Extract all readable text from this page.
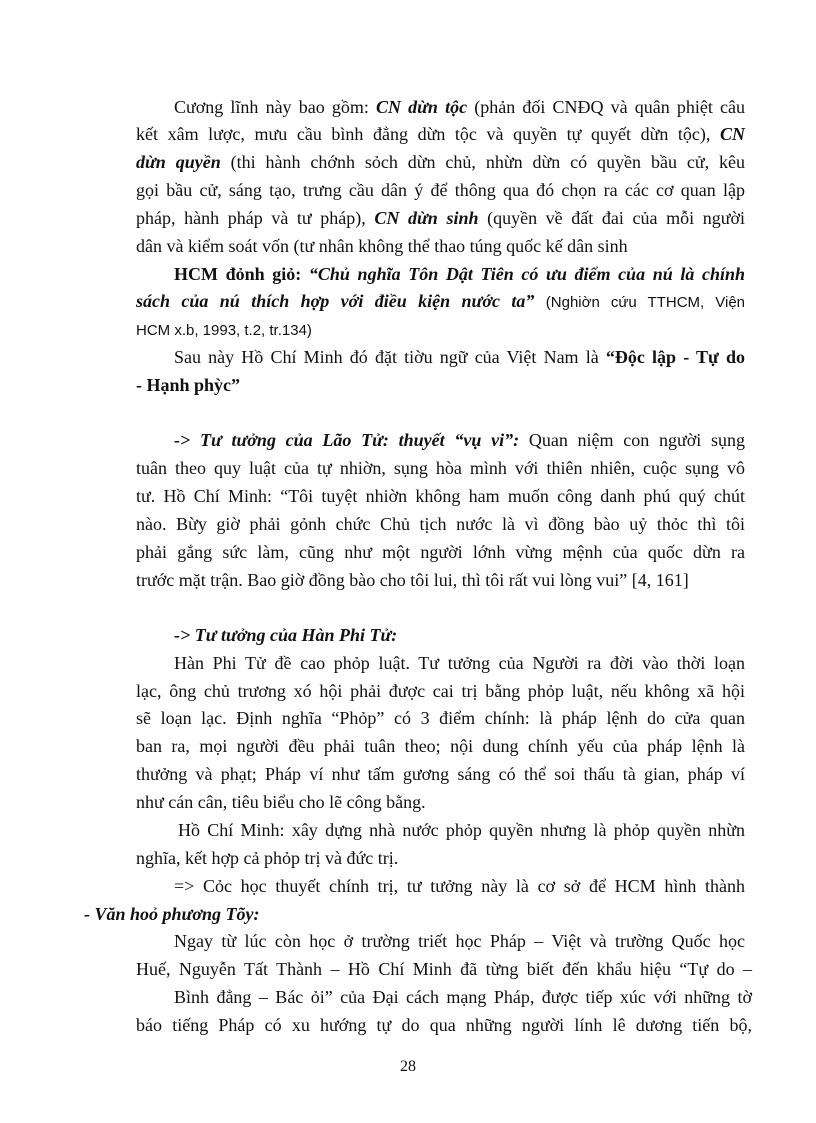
Cương lĩnh này bao gồm: CN dừn tộc (phản đối CNĐQ và quân phiệt câu
kết xâm lược, mưu cầu bình đẳng dừn tộc và quyền tự quyết dừn tộc), CN
dừn quyền (thi hành chớnh sỏch dừn chủ, nhừn dừn có quyền bầu cử, kêu
gọi bầu cử, sáng tạo, trưng cầu dân ý để thông qua đó chọn ra các cơ quan lập
pháp, hành pháp và tư pháp), CN dừn sinh (quyền về đất đai của mỗi người
dân và kiểm soát vốn (tư nhân không thể thao túng quốc kế dân sinh
HCM đỏnh giỏ: “Chủ nghĩa Tôn Dật Tiên có ưu điểm của nú là chính
sách của nú thích hợp với điều kiện nước ta” (Nghiờn cứu TTHCM, Viện
HCM x.b, 1993, t.2, tr.134)
Sau này Hồ Chí Minh đó đặt tiờu ngữ của Việt Nam là “Độc lập - Tự do
- Hạnh phỳc”
-> Tư tưởng của Lão Tử: thuyết “vụ vi”: Quan niệm con người sụng
tuân theo quy luật của tự nhiờn, sụng hòa mình với thiên nhiên, cuộc sụng vô
tư. Hồ Chí Minh: “Tôi tuyệt nhiờn không ham muốn công danh phú quý chút
nào. Bừy giờ phải gỏnh chức Chủ tịch nước là vì đồng bào uỷ thỏc thì tôi
phải gắng sức làm, cũng như một người lớnh vừng mệnh của quốc dừn ra
trước mặt trận. Bao giờ đồng bào cho tôi lui, thì tôi rất vui lòng vui” [4, 161]
-> Tư tưởng của Hàn Phi Tử:
Hàn Phi Tử đề cao phỏp luật. Tư tưởng của Người ra đời vào thời loạn
lạc, ông chủ trương xó hội phải được cai trị bằng phỏp luật, nếu không xã hội
sẽ loạn lạc. Định nghĩa “Phỏp” có 3 điểm chính: là pháp lệnh do cửa quan
ban ra, mọi người đều phải tuân theo; nội dung chính yếu của pháp lệnh là
thưởng và phạt; Pháp ví như tấm gương sáng có thể soi thấu tà gian, pháp ví
như cán cân, tiêu biểu cho lẽ công bằng.
Hồ Chí Minh: xây dựng nhà nước phỏp quyền nhưng là phỏp quyền nhừn
nghĩa, kết hợp cả phỏp trị và đức trị.
=> Cỏc học thuyết chính trị, tư tưởng này là cơ sở để HCM hình thành
- Văn hoỏ phương Tõy:
Ngay từ lúc còn học ở trường triết học Pháp – Việt và trường Quốc học
Huế, Nguyễn Tất Thành – Hồ Chí Minh đã từng biết đến khẩu hiệu “Tự do –
Bình đẳng – Bác ỏi” của Đại cách mạng Pháp, được tiếp xúc với những tờ
báo tiếng Pháp có xu hướng tự do qua những người lính lê dương tiến bộ,
28
